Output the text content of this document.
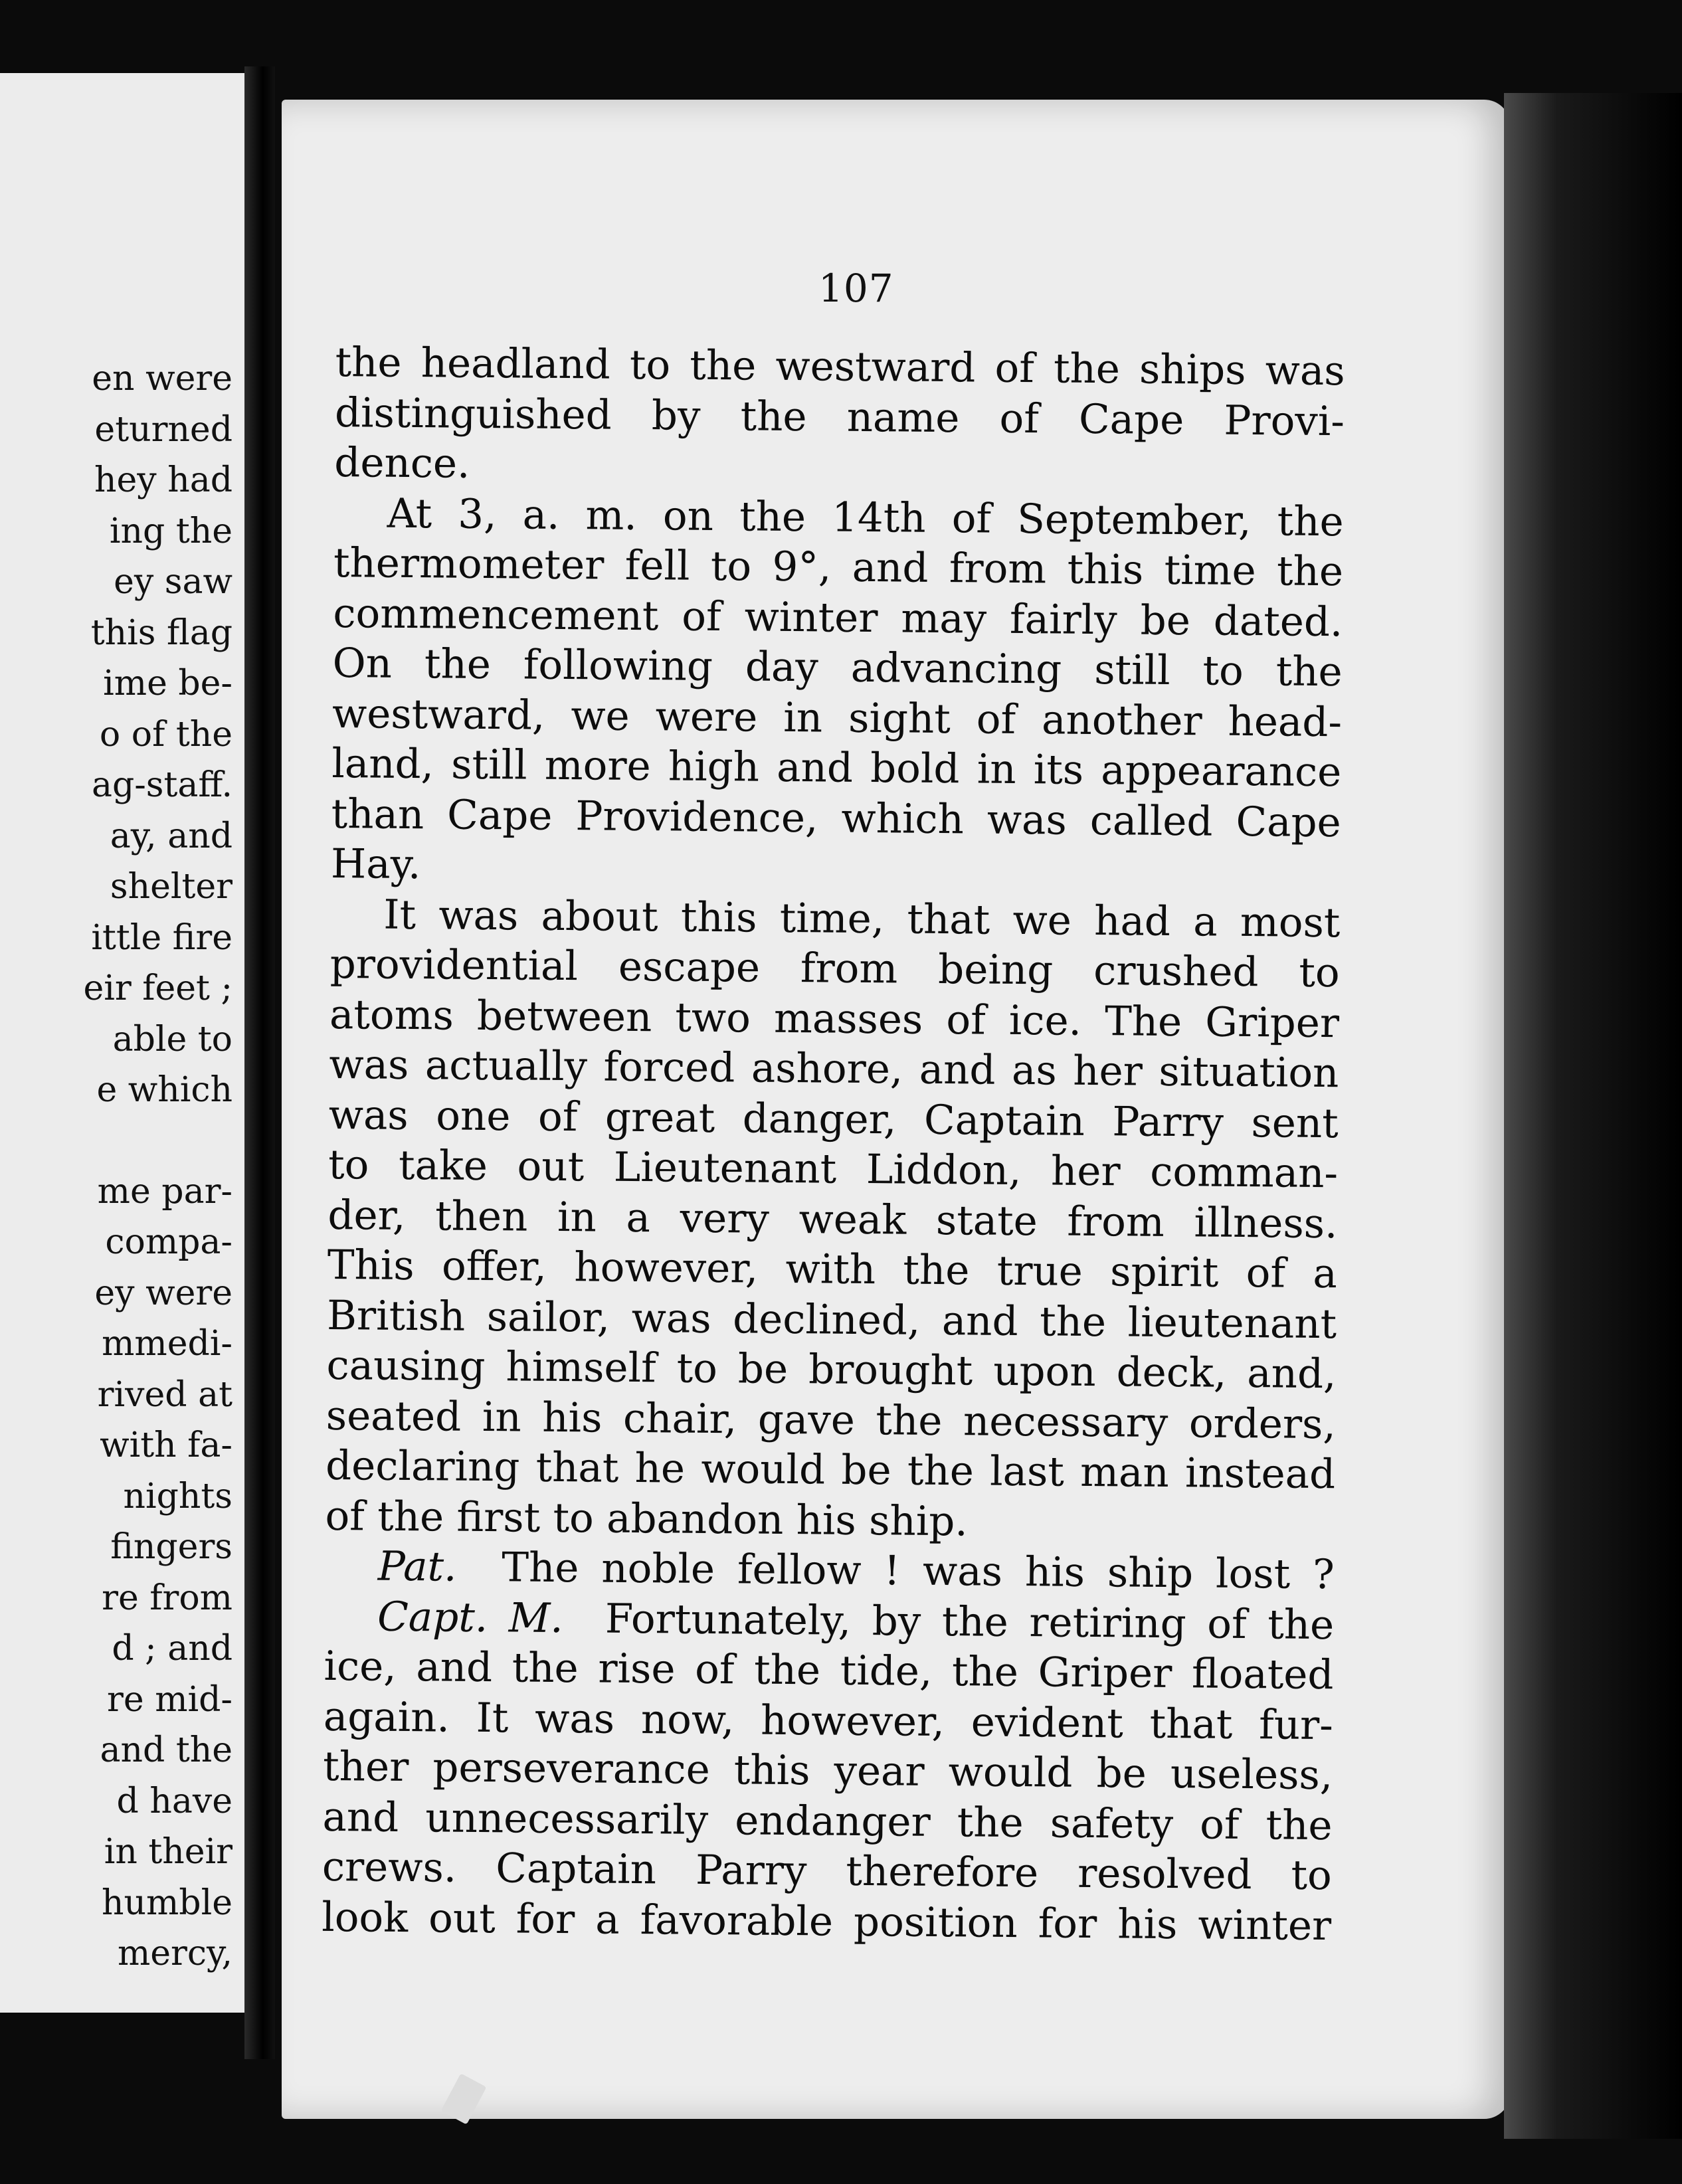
en were
eturned
hey had
ing the
ey saw
this flag
ime be-
o of the
ag-staff.
ay, and
shelter
ittle fire
eir feet ;
able to
e which
me par-
compa-
ey were
mmedi-
rived at
with fa-
nights
fingers
re from
d ; and
re mid-
and the
d have
in their
humble
mercy,
107
the headland to the westward of the ships was
distinguished by the name of Cape Provi-
dence.
At 3, a. m. on the 14th of September, the
thermometer fell to 9°, and from this time the
commencement of winter may fairly be dated.
On the following day advancing still to the
westward, we were in sight of another head-
land, still more high and bold in its appearance
than Cape Providence, which was called Cape
Hay.
It was about this time, that we had a most
providential escape from being crushed to
atoms between two masses of ice. The Griper
was actually forced ashore, and as her situation
was one of great danger, Captain Parry sent
to take out Lieutenant Liddon, her comman-
der, then in a very weak state from illness.
This offer, however, with the true spirit of a
British sailor, was declined, and the lieutenant
causing himself to be brought upon deck, and,
seated in his chair, gave the necessary orders,
declaring that he would be the last man instead
of the first to abandon his ship.
Pat. The noble fellow ! was his ship lost ?
Capt. M. Fortunately, by the retiring of the
ice, and the rise of the tide, the Griper floated
again. It was now, however, evident that fur-
ther perseverance this year would be useless,
and unnecessarily endanger the safety of the
crews. Captain Parry therefore resolved to
look out for a favorable position for his winter
